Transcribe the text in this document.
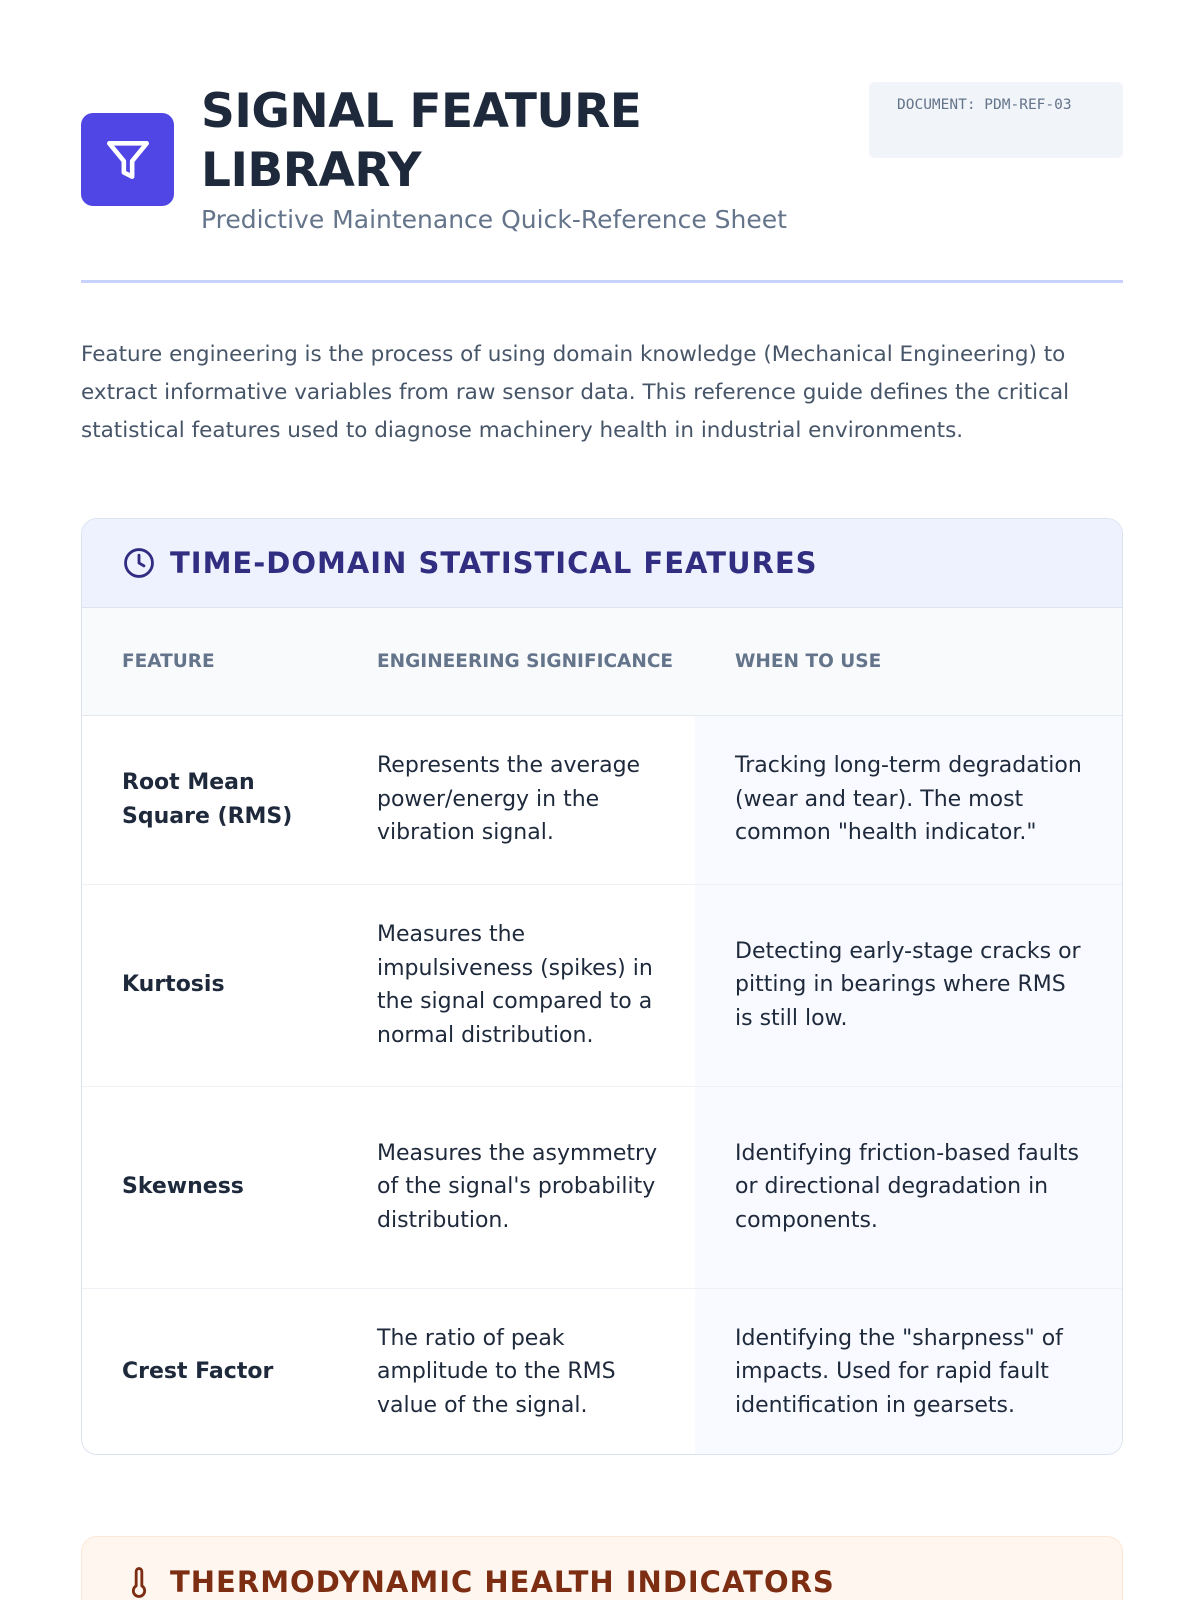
SIGNAL FEATURE LIBRARY
Predictive Maintenance Quick-Reference Sheet
DOCUMENT: PDM-REF-03

Feature engineering is the process of using domain knowledge (Mechanical Engineering) to extract informative variables from raw sensor data. This reference guide defines the critical statistical features used to diagnose machinery health in industrial environments.

TIME-DOMAIN STATISTICAL FEATURES
FEATURE	ENGINEERING SIGNIFICANCE	WHEN TO USE
Root Mean Square (RMS)	Represents the average power/energy in the vibration signal.	Tracking long-term degradation (wear and tear). The most common "health indicator."
Kurtosis	Measures the impulsiveness (spikes) in the signal compared to a normal distribution.	Detecting early-stage cracks or pitting in bearings where RMS is still low.
Skewness	Measures the asymmetry of the signal's probability distribution.	Identifying friction-based faults or directional degradation in components.
Crest Factor	The ratio of peak amplitude to the RMS value of the signal.	Identifying the "sharpness" of impacts. Used for rapid fault identification in gearsets.
THERMODYNAMIC HEALTH INDICATORS
